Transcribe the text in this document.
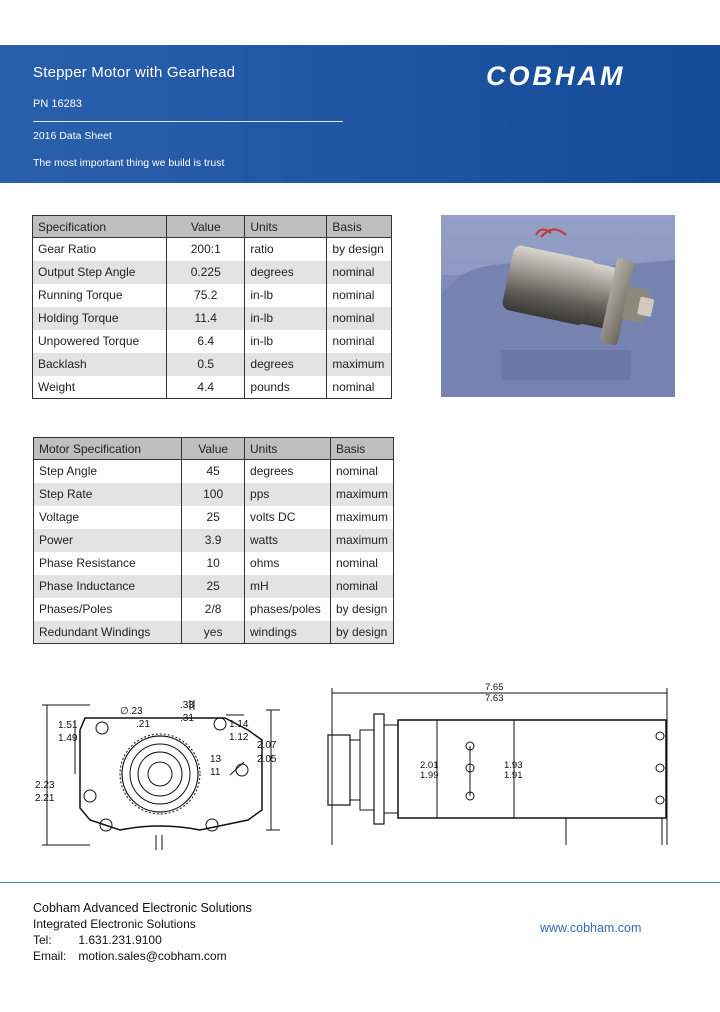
Stepper Motor with Gearhead
PN 16283
2016 Data Sheet
The most important thing we build is trust
COBHAM
Specification	Value	Units	Basis
Gear Ratio	200:1	ratio	by design
Output Step Angle	0.225	degrees	nominal
Running Torque	75.2	in-lb	nominal
Holding Torque	11.4	in-lb	nominal
Unpowered Torque	6.4	in-lb	nominal
Backlash	0.5	degrees	maximum
Weight	4.4	pounds	nominal
Motor Specification	Value	Units	Basis
Step Angle	45	degrees	nominal
Step Rate	100	pps	maximum
Voltage	25	volts DC	maximum
Power	3.9	watts	maximum
Phase Resistance	10	ohms	nominal
Phase Inductance	25	mH	nominal
Phases/Poles	2/8	phases/poles	by design
Redundant Windings	yes	windings	by design
1.51
1.49
∅.23
.21
.33
.31
1.14
1.12
2.07
2.05
13
11
2.23
2.21
7.65
7.63
2.01
1.99
1.93
1.91
Cobham Advanced Electronic Solutions
Integrated Electronic Solutions
Tel: 1.631.231.9100
Email: motion.sales@cobham.com
www.cobham.com
